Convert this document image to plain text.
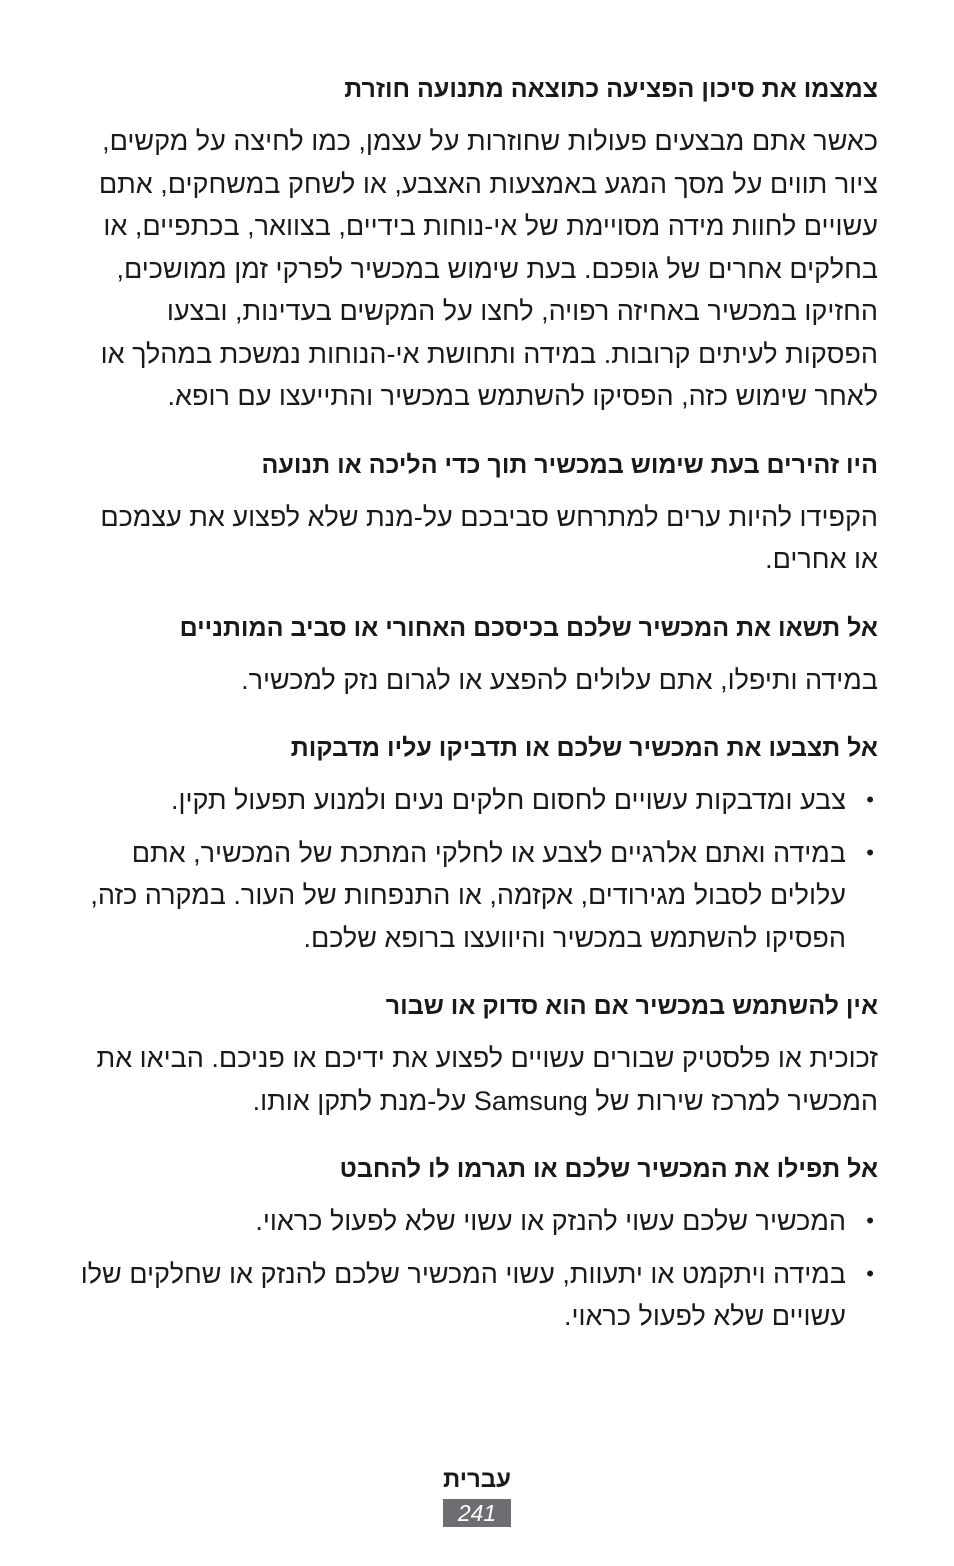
צמצמו את סיכון הפציעה כתוצאה מתנועה חוזרת

כאשר אתם מבצעים פעולות שחוזרות על עצמן, כמו לחיצה על מקשים, ציור תווים על מסך המגע באמצעות האצבע, או לשחק במשחקים, אתם עשויים לחוות מידה מסויימת של אי-נוחות בידיים, בצוואר, בכתפיים, או בחלקים אחרים של גופכם. בעת שימוש במכשיר לפרקי זמן ממושכים, החזיקו במכשיר באחיזה רפויה, לחצו על המקשים בעדינות, ובצעו הפסקות לעיתים קרובות. במידה ותחושת אי-הנוחות נמשכת במהלך או לאחר שימוש כזה, הפסיקו להשתמש במכשיר והתייעצו עם רופא.

היו זהירים בעת שימוש במכשיר תוך כדי הליכה או תנועה

הקפידו להיות ערים למתרחש סביבכם על-מנת שלא לפצוע את עצמכם או אחרים.

אל תשאו את המכשיר שלכם בכיסכם האחורי או סביב המותניים

במידה ותיפלו, אתם עלולים להפצע או לגרום נזק למכשיר.

אל תצבעו את המכשיר שלכם או תדביקו עליו מדבקות
•
צבע ומדבקות עשויים לחסום חלקים נעים ולמנוע תפעול תקין.
•
במידה ואתם אלרגיים לצבע או לחלקי המתכת של המכשיר, אתם עלולים לסבול מגירודים, אקזמה, או התנפחות של העור. במקרה כזה, הפסיקו להשתמש במכשיר והיוועצו ברופא שלכם.
אין להשתמש במכשיר אם הוא סדוק או שבור

זכוכית או פלסטיק שבורים עשויים לפצוע את ידיכם או פניכם. הביאו את המכשיר למרכז שירות של Samsung על-מנת לתקן אותו.

אל תפילו את המכשיר שלכם או תגרמו לו להחבט
•
המכשיר שלכם עשוי להנזק או עשוי שלא לפעול כראוי.
•
במידה ויתקמט או יתעוות, עשוי המכשיר שלכם להנזק או שחלקים שלו עשויים שלא לפעול כראוי.
עברית
241
